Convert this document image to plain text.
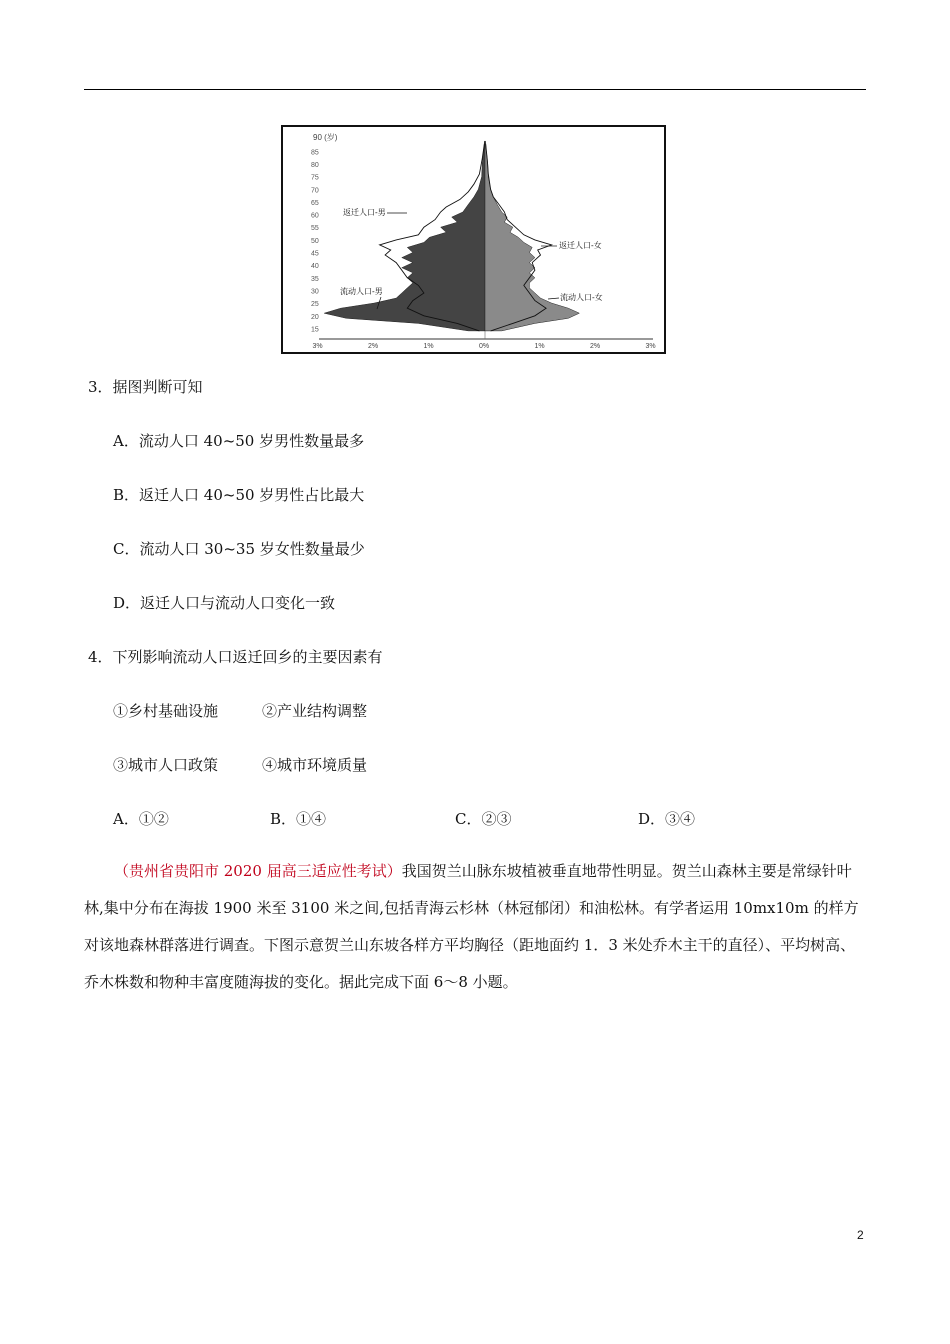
90 (岁)
85
80
75
70
65
60
55
50
45
40
35
30
25
20
15
3%	2%	1%	0%	1%	2%	3%
返迁人口-男
返迁人口-女
流动人口-男
流动人口-女
3．据图判断可知
A．流动人口 40~50 岁男性数量最多
B．返迁人口 40~50 岁男性占比最大
C．流动人口 30~35 岁女性数量最少
D．返迁人口与流动人口变化一致
4．下列影响流动人口返迁回乡的主要因素有
①乡村基础设施	②产业结构调整
③城市人口政策	④城市环境质量
A．①②	B．①④	C．②③	D．③④
（贵州省贵阳市 2020 届高三适应性考试）我国贺兰山脉东坡植被垂直地带性明显。贺兰山森林主要是常绿针叶林,集中分布在海拔 1900 米至 3100 米之间,包括青海云杉林（林冠郁闭）和油松林。有学者运用 10mx10m 的样方对该地森林群落进行调查。下图示意贺兰山东坡各样方平均胸径（距地面约 1．3 米处乔木主干的直径）、平均树高、乔木株数和物种丰富度随海拔的变化。据此完成下面 6～8 小题。
2
